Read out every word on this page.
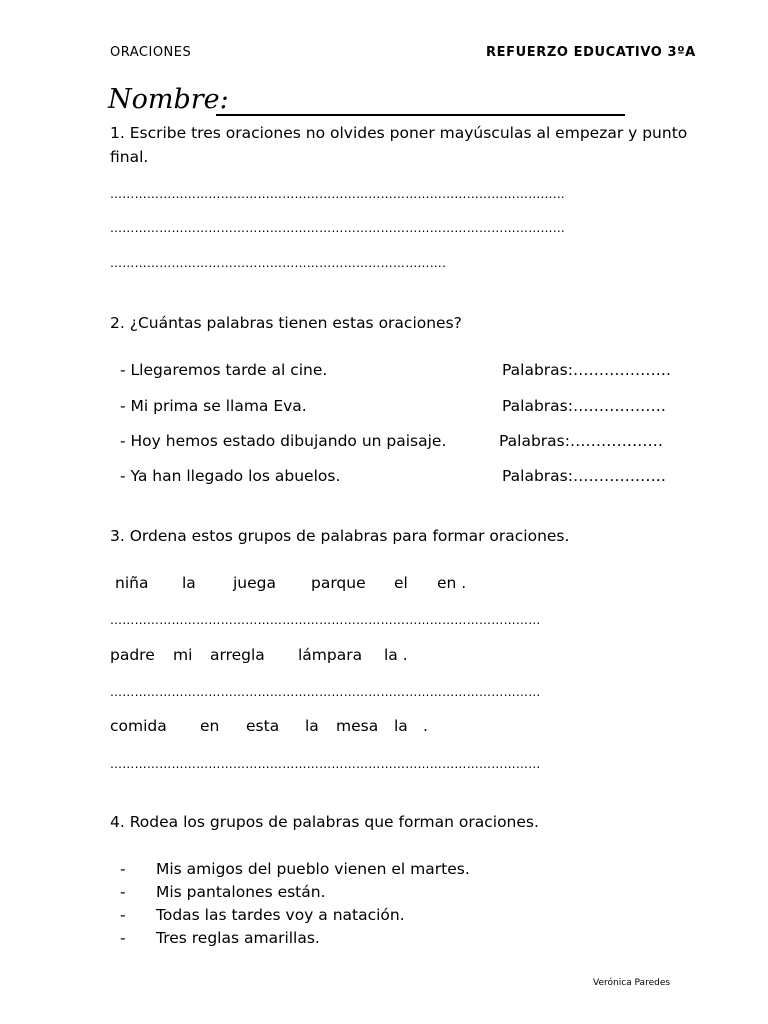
ORACIONES	REFUERZO EDUCATIVO 3ºA
Nombre:
1. Escribe tres oraciones no olvides poner mayúsculas al empezar y punto
final.
…………………………………………………………………………………………………
…………………………………………………………………………………………………
……………………………………………………………………….
2. ¿Cuántas palabras tienen estas oraciones?
- Llegaremos tarde al cine.	Palabras:……………….
- Mi prima se llama Eva.	Palabras:………………
- Hoy hemos estado dibujando un paisaje.	Palabras:………………
- Ya han llegado los abuelos.	Palabras:………………
3. Ordena estos grupos de palabras para formar oraciones.
niña la juega parque el en .
……………………………………………………………………………………………
padre mi arregla lámpara la .
……………………………………………………………………………………………
comida en esta la mesa la .
…………………………………………………………………………………………...
4. Rodea los grupos de palabras que forman oraciones.
- Mis amigos del pueblo vienen el martes.
- Mis pantalones están.
- Todas las tardes voy a natación.
- Tres reglas amarillas.
Verónica Paredes
